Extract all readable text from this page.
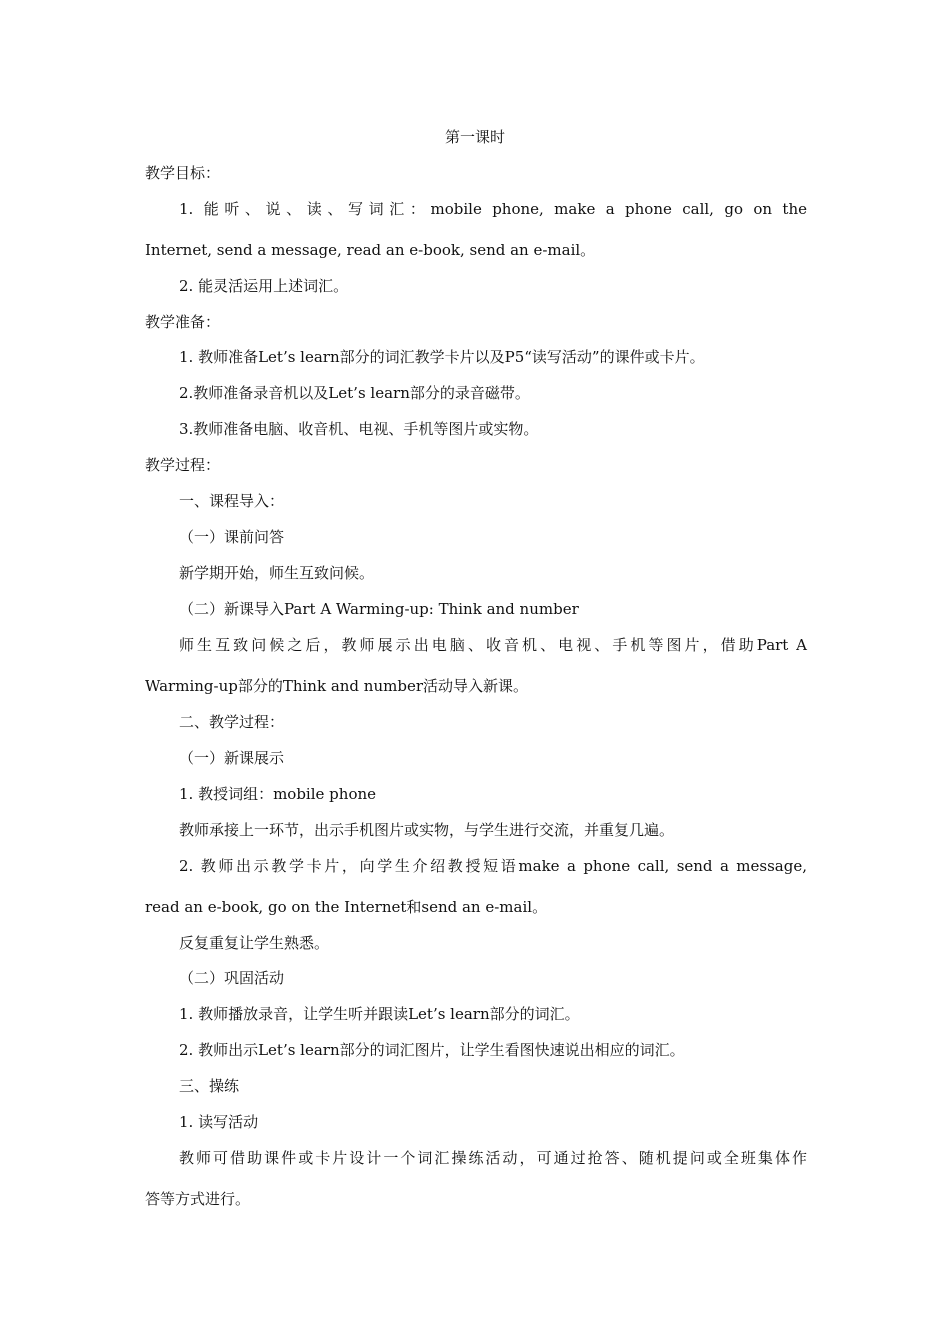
第一课时
教学目标：
1. 能听、说、读、写词汇：mobile phone, make a phone call, go on the
Internet, send a message, read an e-book, send an e-mail。
2. 能灵活运用上述词汇。
教学准备：
1. 教师准备Let’s learn部分的词汇教学卡片以及P5“读写活动”的课件或卡片。
2.教师准备录音机以及Let’s learn部分的录音磁带。
3.教师准备电脑、收音机、电视、手机等图片或实物。
教学过程：
一、课程导入：
（一）课前问答
新学期开始，师生互致问候。
（二）新课导入Part A Warming-up: Think and number
师生互致问候之后，教师展示出电脑、收音机、电视、手机等图片，借助Part A
Warming-up部分的Think and number活动导入新课。
二、教学过程：
（一）新课展示
1. 教授词组：mobile phone
教师承接上一环节，出示手机图片或实物，与学生进行交流，并重复几遍。
2. 教师出示教学卡片，向学生介绍教授短语make a phone call, send a message,
read an e-book, go on the Internet和send an e-mail。
反复重复让学生熟悉。
（二）巩固活动
1. 教师播放录音，让学生听并跟读Let’s learn部分的词汇。
2. 教师出示Let’s learn部分的词汇图片，让学生看图快速说出相应的词汇。
三、操练
1. 读写活动
教师可借助课件或卡片设计一个词汇操练活动，可通过抢答、随机提问或全班集体作
答等方式进行。
